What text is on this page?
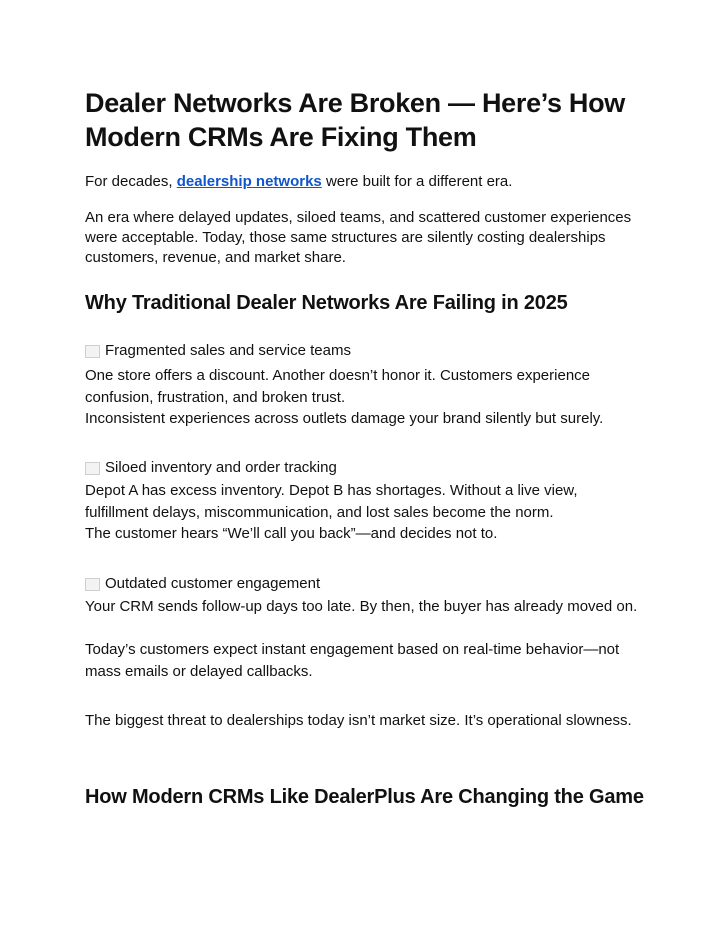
Dealer Networks Are Broken — Here’s How Modern CRMs Are Fixing Them

For decades, dealership networks were built for a different era.

An era where delayed updates, siloed teams, and scattered customer experiences were acceptable. Today, those same structures are silently costing dealerships customers, revenue, and market share.

Why Traditional Dealer Networks Are Failing in 2025
Fragmented sales and service teams

One store offers a discount. Another doesn’t honor it. Customers experience confusion, frustration, and broken trust.

Inconsistent experiences across outlets damage your brand silently but surely.

Siloed inventory and order tracking

Depot A has excess inventory. Depot B has shortages. Without a live view, fulfillment delays, miscommunication, and lost sales become the norm.

The customer hears “We’ll call you back”—and decides not to.

Outdated customer engagement

Your CRM sends follow-up days too late. By then, the buyer has already moved on.

Today’s customers expect instant engagement based on real-time behavior—not mass emails or delayed callbacks.

The biggest threat to dealerships today isn’t market size. It’s operational slowness.

How Modern CRMs Like DealerPlus Are Changing the Game
